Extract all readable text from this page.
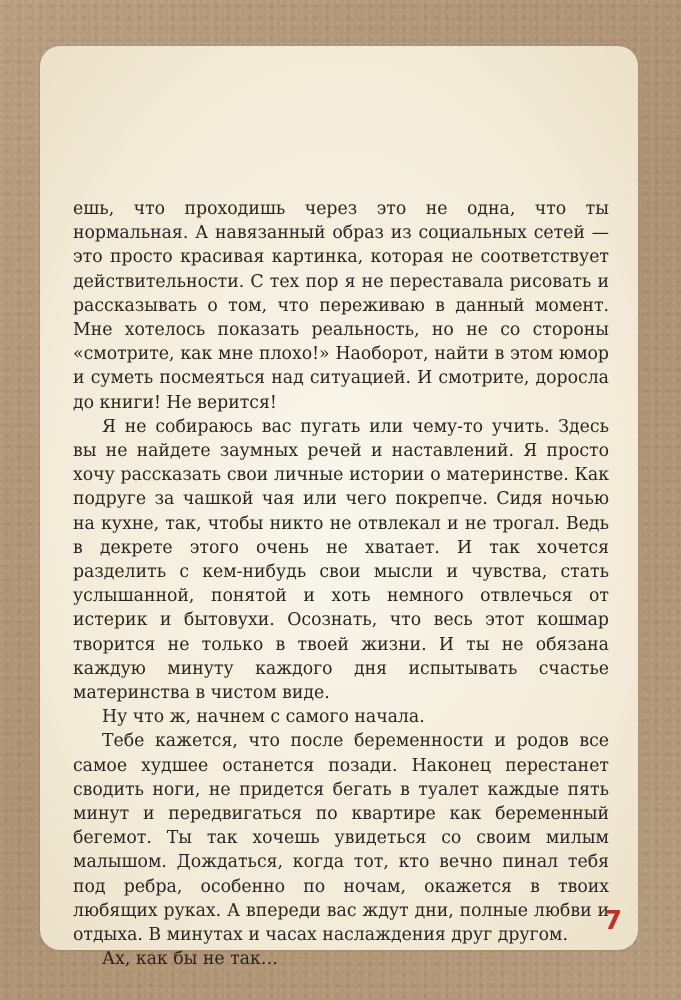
ешь, что проходишь через это не одна, что ты нормальная. А навязанный образ из социальных сетей — это просто красивая картинка, которая не соответствует действительности. С тех пор я не переставала рисовать и рассказывать о том, что переживаю в данный момент. Мне хотелось показать реальность, но не со стороны «смотрите, как мне плохо!» Наоборот, найти в этом юмор и суметь посмеяться над ситуацией. И смотрите, доросла до книги! Не верится!

Я не собираюсь вас пугать или чему-то учить. Здесь вы не найдете заумных речей и наставлений. Я просто хочу рассказать свои личные истории о материнстве. Как подруге за чашкой чая или чего покрепче. Сидя ночью на кухне, так, чтобы никто не отвлекал и не трогал. Ведь в декрете этого очень не хватает. И так хочется разделить с кем-нибудь свои мысли и чувства, стать услышанной, понятой и хоть немного отвлечься от истерик и бытовухи. Осознать, что весь этот кошмар творится не только в твоей жизни. И ты не обязана каждую минуту каждого дня испытывать счастье материнства в чистом виде.

Ну что ж, начнем с самого начала.

Тебе кажется, что после беременности и родов все самое худшее останется позади. Наконец перестанет сводить ноги, не придется бегать в туалет каждые пять минут и передвигаться по квартире как беременный бегемот. Ты так хочешь увидеться со своим милым малышом. Дождаться, когда тот, кто вечно пинал тебя под ребра, особенно по ночам, окажется в твоих любящих руках. А впереди вас ждут дни, полные любви и отдыха. В минутах и часах наслаждения друг другом.

Ах, как бы не так…

7
